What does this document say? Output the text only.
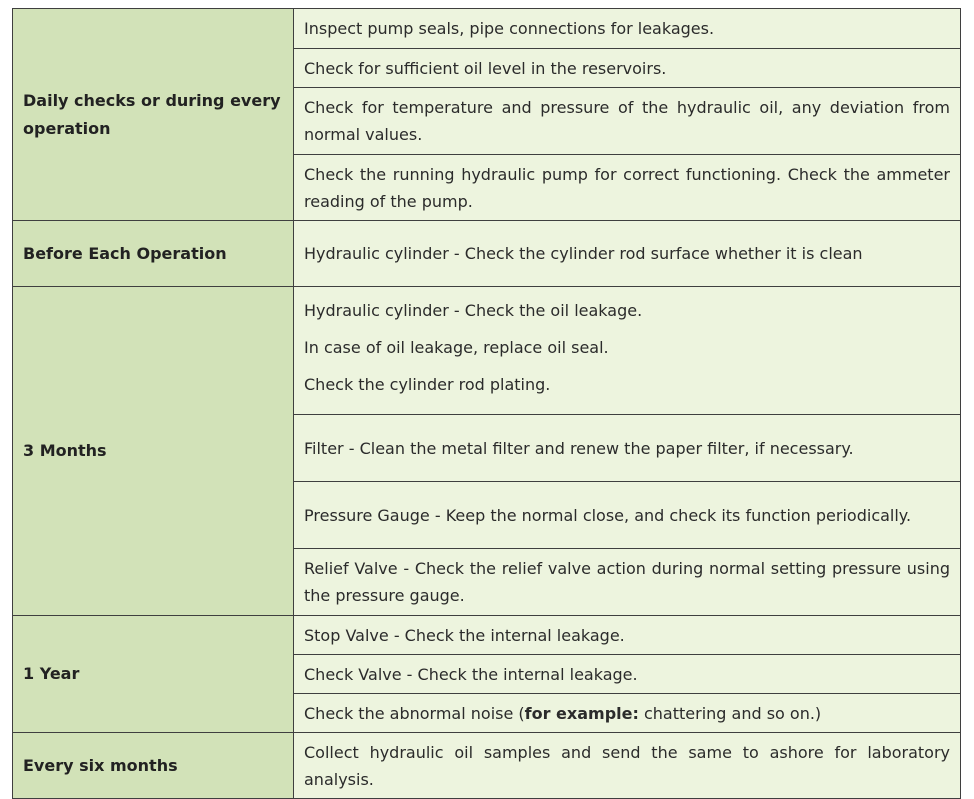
Daily checks or during every operation	Inspect pump seals, pipe connections for leakages.

	Check for sufficient oil level in the reservoirs.

	Check for temperature and pressure of the hydraulic oil, any deviation from normal values.

	Check the running hydraulic pump for correct functioning. Check the ammeter reading of the pump.

Before Each Operation	Hydraulic cylinder - Check the cylinder rod surface whether it is clean

3 Months	Hydraulic cylinder - Check the oil leakage.

In case of oil leakage, replace oil seal.

Check the cylinder rod plating.

	Filter - Clean the metal filter and renew the paper filter, if necessary.

	Pressure Gauge - Keep the normal close, and check its function periodically.

	Relief Valve - Check the relief valve action during normal setting pressure using the pressure gauge.

1 Year	Stop Valve - Check the internal leakage.

	Check Valve - Check the internal leakage.

	Check the abnormal noise (for example: chattering and so on.)

Every six months	Collect hydraulic oil samples and send the same to ashore for laboratory analysis.
